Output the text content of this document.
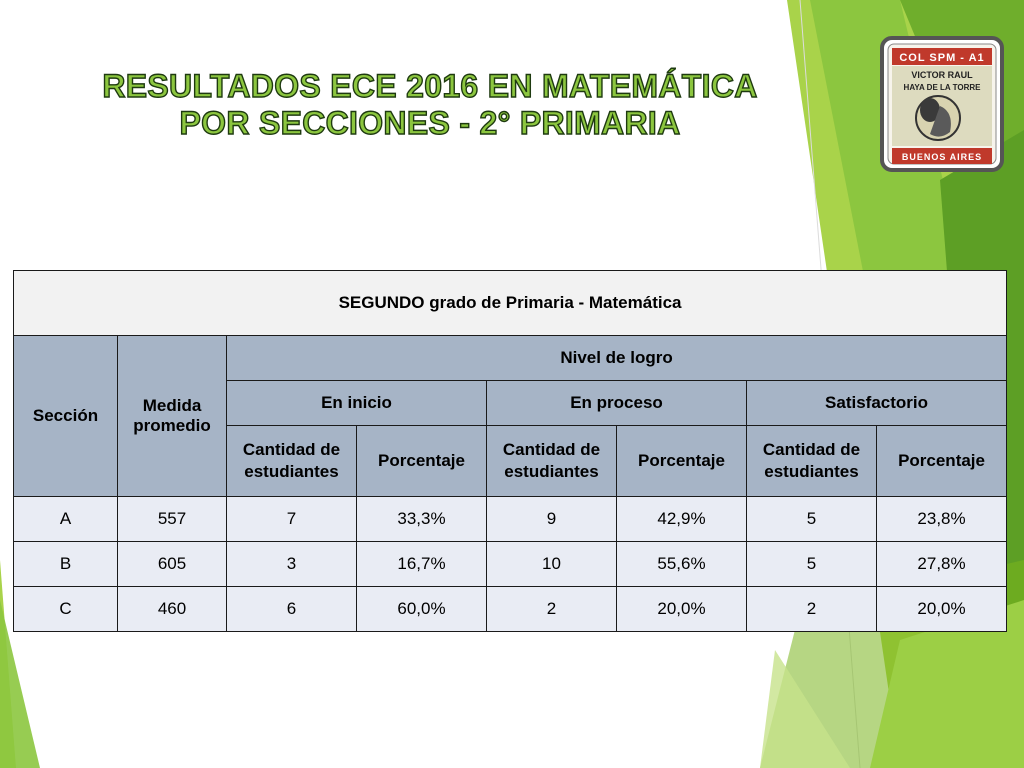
RESULTADOS ECE 2016 EN MATEMÁTICA
POR SECCIONES - 2° PRIMARIA
COL SPM - A1
VICTOR RAUL
HAYA DE LA TORRE
BUENOS AIRES
SEGUNDO grado de Primaria - Matemática							
Sección	Medida promedio	Nivel de logro					
		En inicio		En proceso		Satisfactorio	
		Cantidad de estudiantes	Porcentaje	Cantidad de estudiantes	Porcentaje	Cantidad de estudiantes	Porcentaje
A	557	7	33,3%	9	42,9%	5	23,8%
B	605	3	16,7%	10	55,6%	5	27,8%
C	460	6	60,0%	2	20,0%	2	20,0%
